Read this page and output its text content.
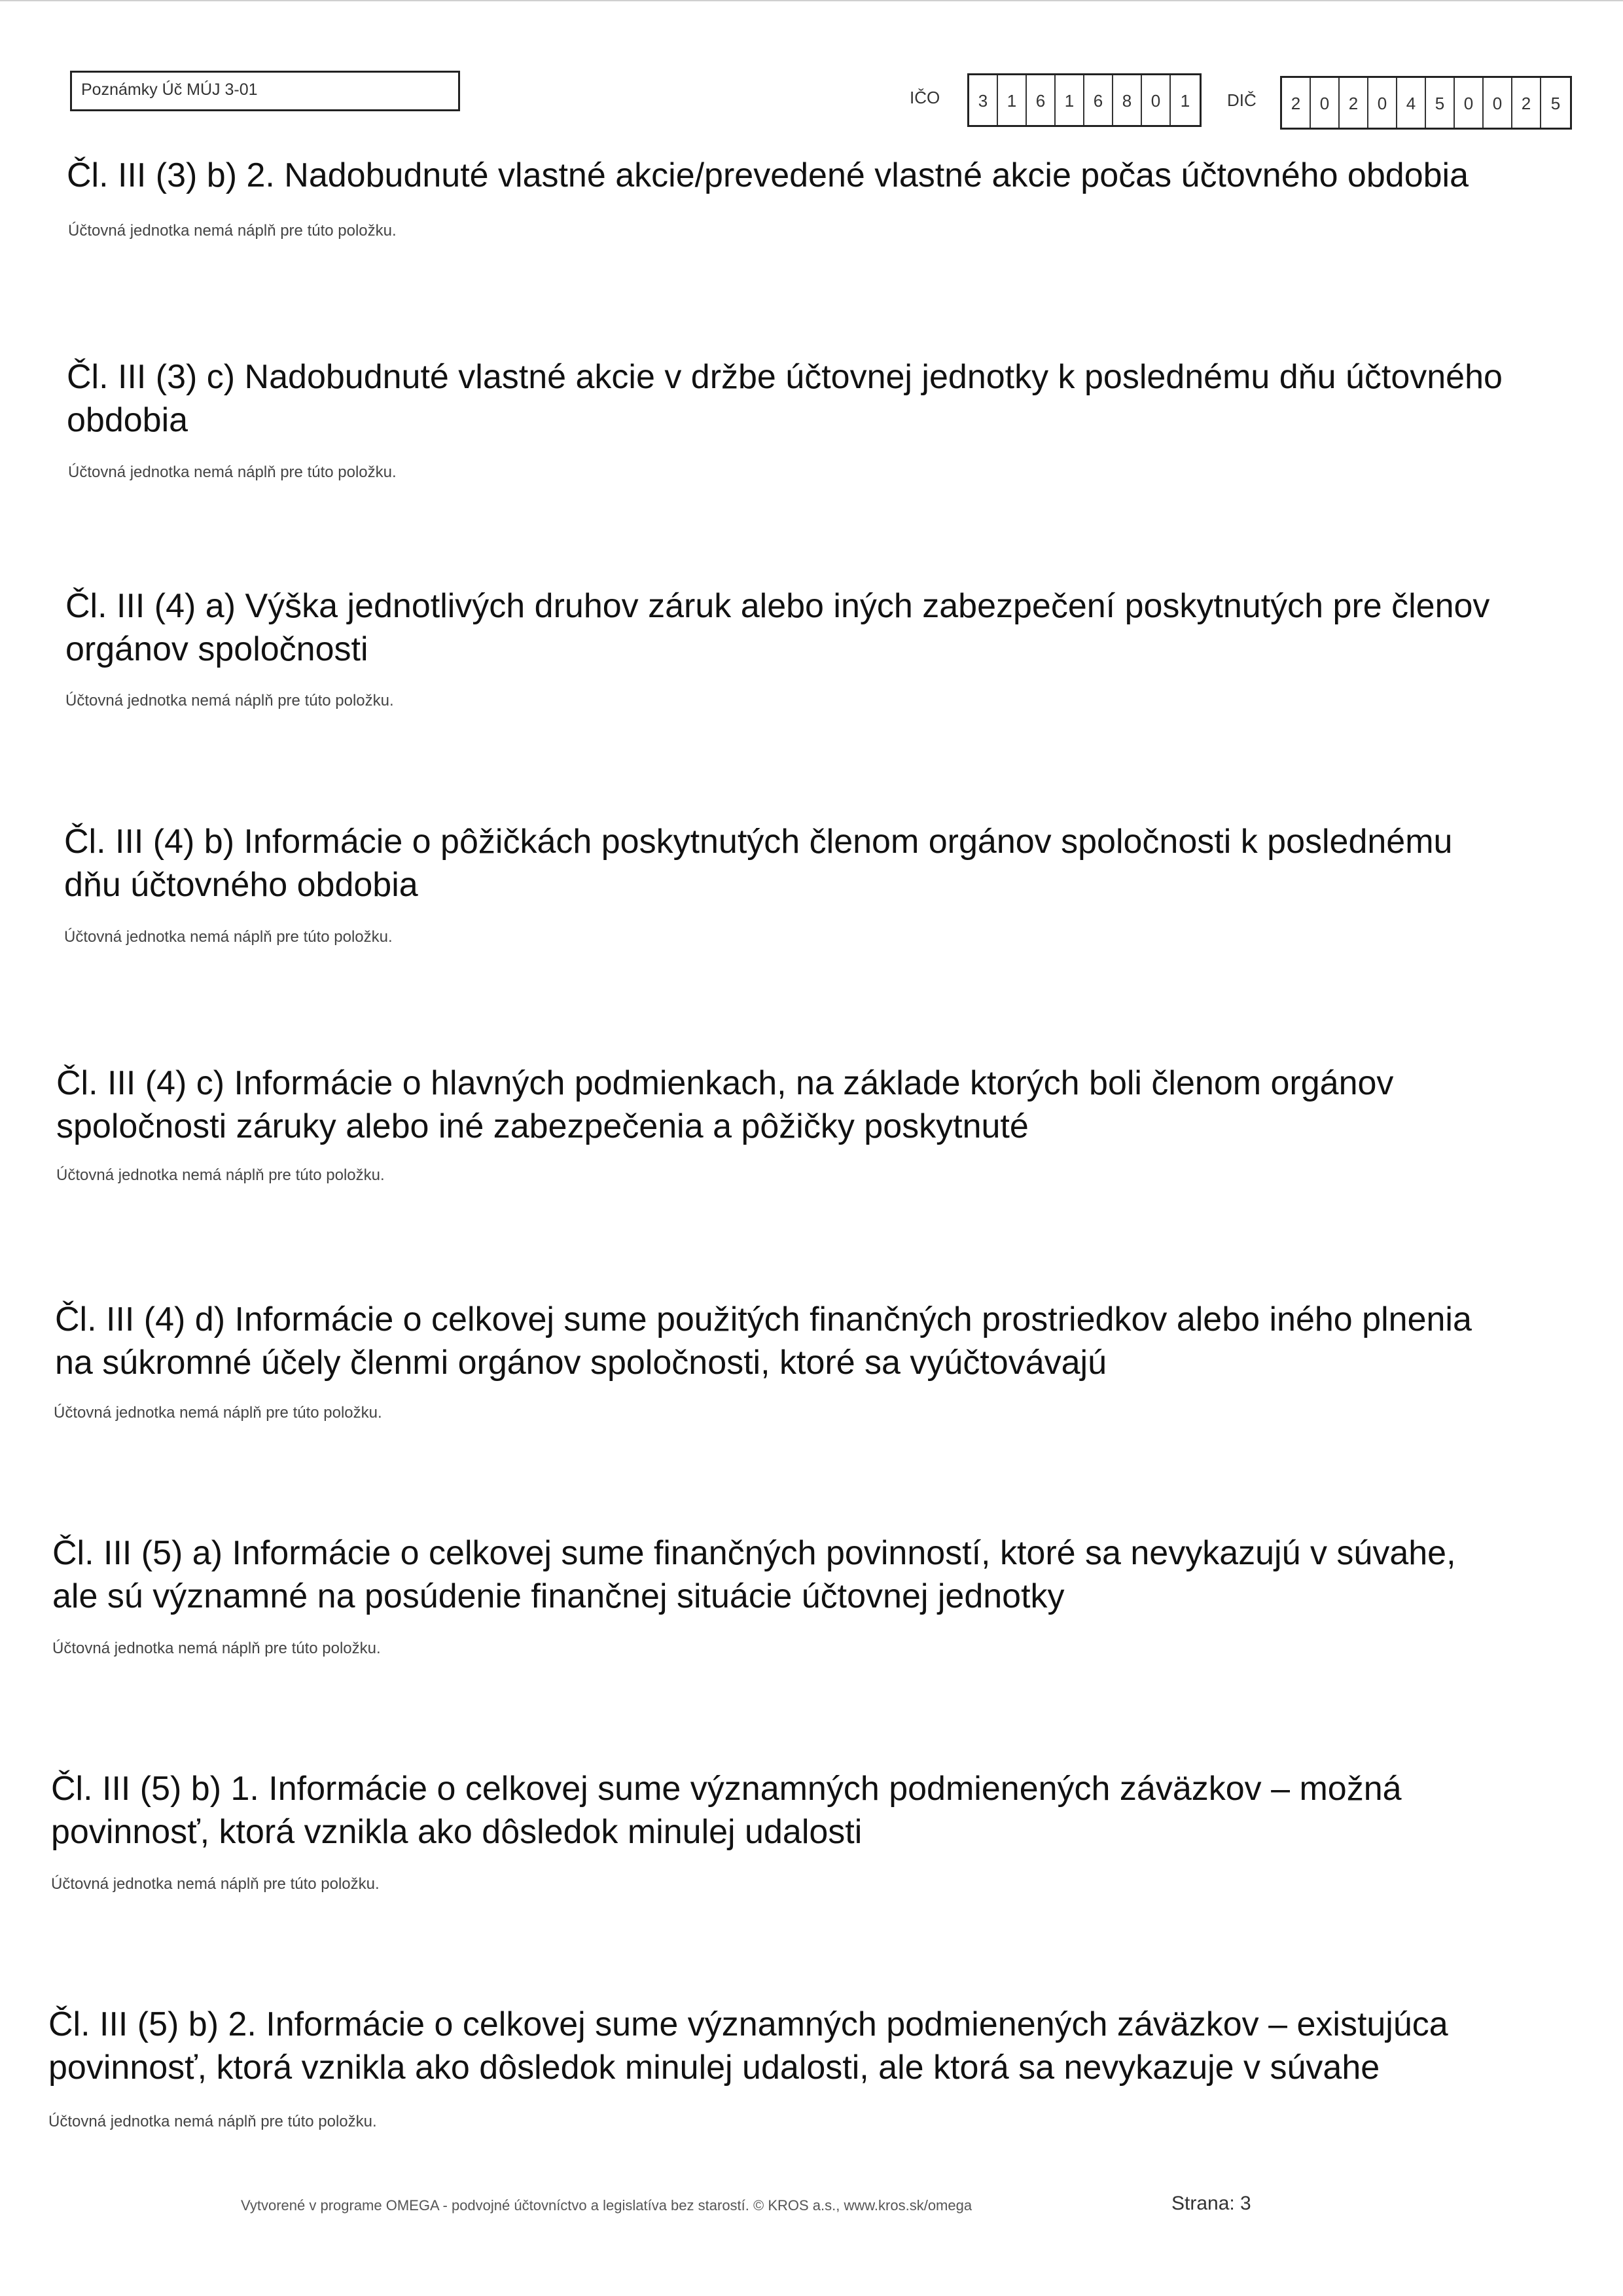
Poznámky Úč MÚJ 3-01	IČO	3	1	6	1	6	8	0	1	DIČ	2	0	2	0	4	5	0	0	2	5
Čl. III (3) b) 2. Nadobudnuté vlastné akcie/prevedené vlastné akcie počas účtovného obdobia
Účtovná jednotka nemá náplň pre túto položku.
Čl. III (3) c) Nadobudnuté vlastné akcie v držbe účtovnej jednotky k poslednému dňu účtovného
obdobia
Účtovná jednotka nemá náplň pre túto položku.
Čl. III (4) a) Výška jednotlivých druhov záruk alebo iných zabezpečení poskytnutých pre členov
orgánov spoločnosti
Účtovná jednotka nemá náplň pre túto položku.
Čl. III (4) b) Informácie o pôžičkách poskytnutých členom orgánov spoločnosti k poslednému
dňu účtovného obdobia
Účtovná jednotka nemá náplň pre túto položku.
Čl. III (4) c) Informácie o hlavných podmienkach, na základe ktorých boli členom orgánov
spoločnosti záruky alebo iné zabezpečenia a pôžičky poskytnuté
Účtovná jednotka nemá náplň pre túto položku.
Čl. III (4) d) Informácie o celkovej sume použitých finančných prostriedkov alebo iného plnenia
na súkromné účely členmi orgánov spoločnosti, ktoré sa vyúčtovávajú
Účtovná jednotka nemá náplň pre túto položku.
Čl. III (5) a) Informácie o celkovej sume finančných povinností, ktoré sa nevykazujú v súvahe,
ale sú významné na posúdenie finančnej situácie účtovnej jednotky
Účtovná jednotka nemá náplň pre túto položku.
Čl. III (5) b) 1. Informácie o celkovej sume významných podmienených záväzkov – možná
povinnosť, ktorá vznikla ako dôsledok minulej udalosti
Účtovná jednotka nemá náplň pre túto položku.
Čl. III (5) b) 2. Informácie o celkovej sume významných podmienených záväzkov – existujúca
povinnosť, ktorá vznikla ako dôsledok minulej udalosti, ale ktorá sa nevykazuje v súvahe
Účtovná jednotka nemá náplň pre túto položku.
Vytvorené v programe OMEGA - podvojné účtovníctvo a legislatíva bez starostí. © KROS a.s., www.kros.sk/omega	Strana: 3
